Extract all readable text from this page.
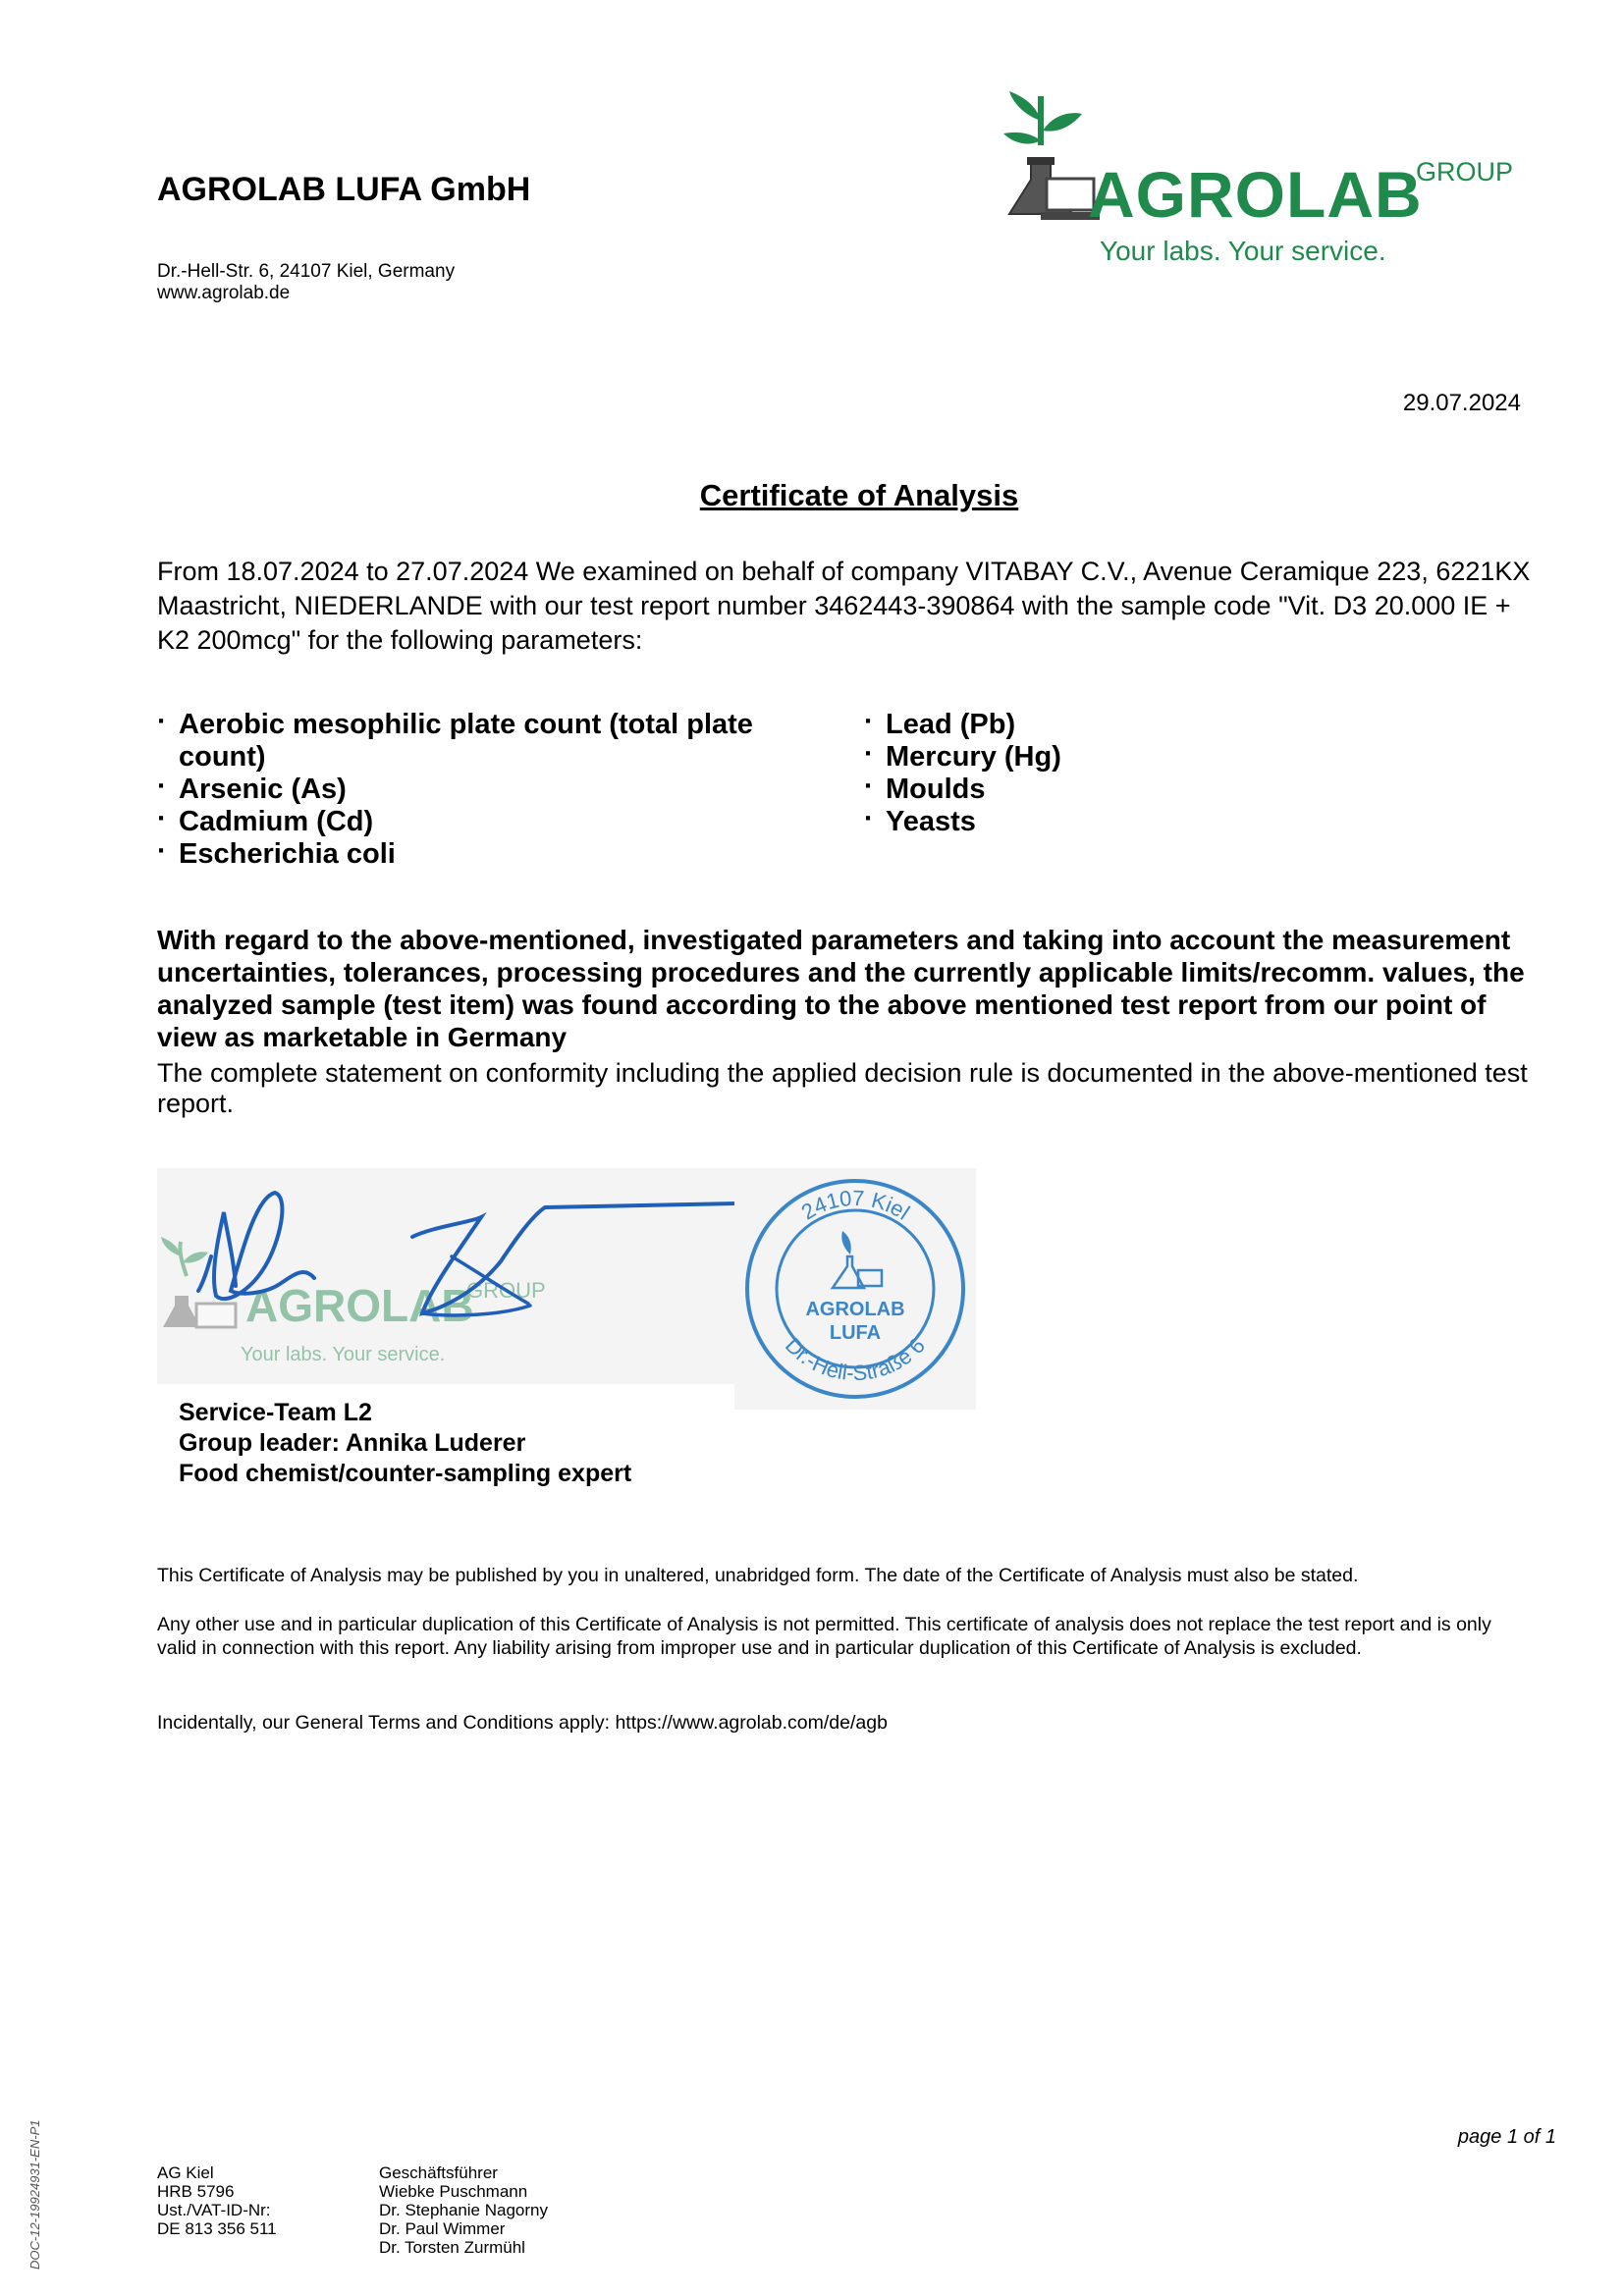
AGROLAB LUFA GmbH
Dr.-Hell-Str. 6, 24107 Kiel, Germany
www.agrolab.de
AGROLAB
GROUP
Your labs. Your service.
29.07.2024
Certificate of Analysis
From 18.07.2024 to 27.07.2024 We examined on behalf of company VITABAY C.V., Avenue Ceramique 223, 6221KX Maastricht, NIEDERLANDE with our test report number 3462443-390864 with the sample code "Vit. D3 20.000 IE + K2 200mcg" for the following parameters:
· Aerobic mesophilic plate count (total plate count)
· Arsenic (As)
· Cadmium (Cd)
· Escherichia coli
· Lead (Pb)
· Mercury (Hg)
· Moulds
· Yeasts
With regard to the above-mentioned, investigated parameters and taking into account the measurement uncertainties, tolerances, processing procedures and the currently applicable limits/recomm. values, the analyzed sample (test item) was found according to the above mentioned test report from our point of view as marketable in Germany
The complete statement on conformity including the applied decision rule is documented in the above-mentioned test report.
AGROLAB
GROUP
Your labs. Your service.
24107 Kiel
Dr.-Hell-Straße 6
AGROLAB
LUFA
Service-Team L2
Group leader: Annika Luderer
Food chemist/counter-sampling expert
This Certificate of Analysis may be published by you in unaltered, unabridged form. The date of the Certificate of Analysis must also be stated.
Any other use and in particular duplication of this Certificate of Analysis is not permitted. This certificate of analysis does not replace the test report and is only valid in connection with this report. Any liability arising from improper use and in particular duplication of this Certificate of Analysis is excluded.
Incidentally, our General Terms and Conditions apply: https://www.agrolab.com/de/agb
DOC-12-19924931-EN-P1	page 1 of 1
AG Kiel
HRB 5796
Ust./VAT-ID-Nr:
DE 813 356 511
Geschäftsführer
Wiebke Puschmann
Dr. Stephanie Nagorny
Dr. Paul Wimmer
Dr. Torsten Zurmühl
